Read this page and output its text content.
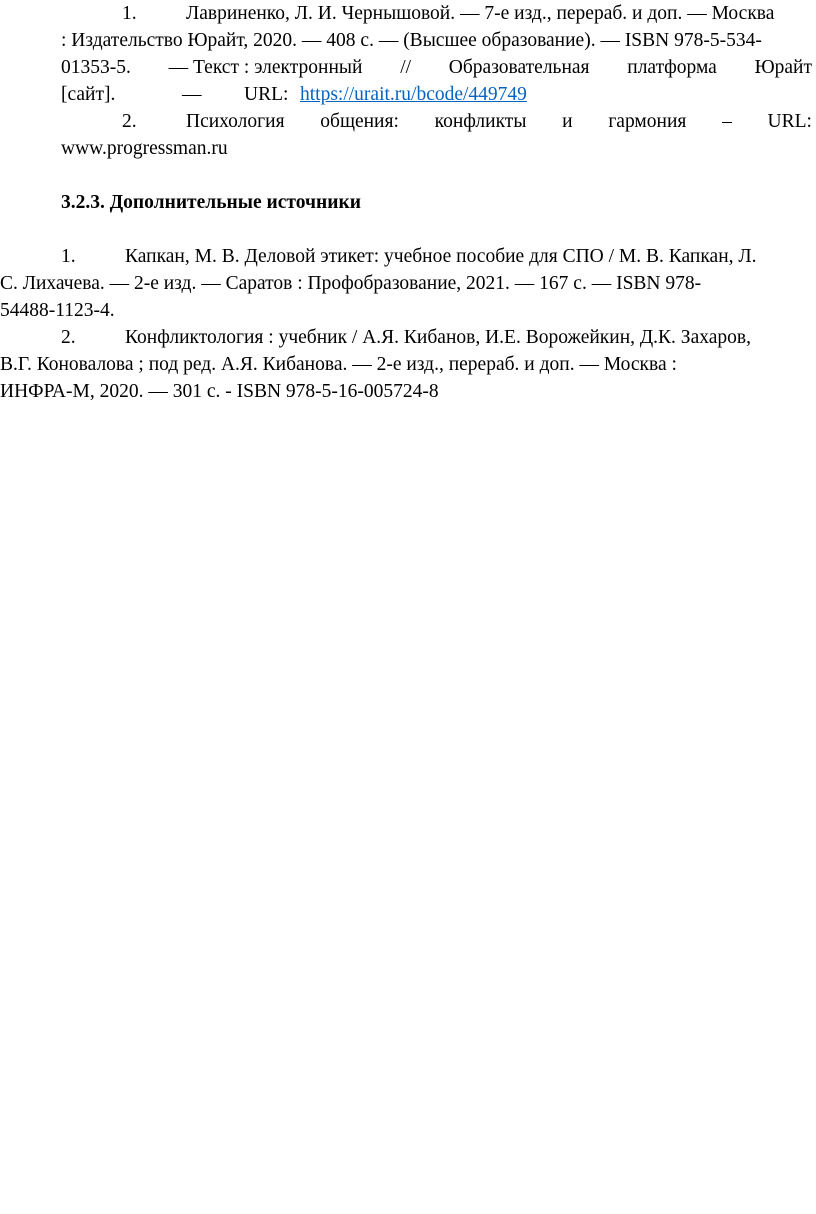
1.	Лавриненко, Л. И. Чернышовой. — 7-е изд., перераб. и доп. — Москва
: Издательство Юрайт, 2020. — 408 с. — (Высшее образование). — ISBN 978-5-534-
01353-5. — Текст : электронный // Образовательная платформа Юрайт
[сайт].	— URL: https://urait.ru/bcode/449749
2.	Психология общения: конфликты и гармония – URL:
www.progressman.ru
3.2.3. Дополнительные источники
1.	Капкан, М. В. Деловой этикет: учебное пособие для СПО / М. В. Капкан, Л.
С. Лихачева. — 2-е изд. — Саратов : Профобразование, 2021. — 167 с. — ISBN 978-
54488-1123-4.
2.	Конфликтология : учебник / А.Я. Кибанов, И.Е. Ворожейкин, Д.К. Захаров,
В.Г. Коновалова ; под ред. А.Я. Кибанова. — 2-е изд., перераб. и доп. — Москва :
ИНФРА-М, 2020. — 301 с. - ISBN 978-5-16-005724-8
